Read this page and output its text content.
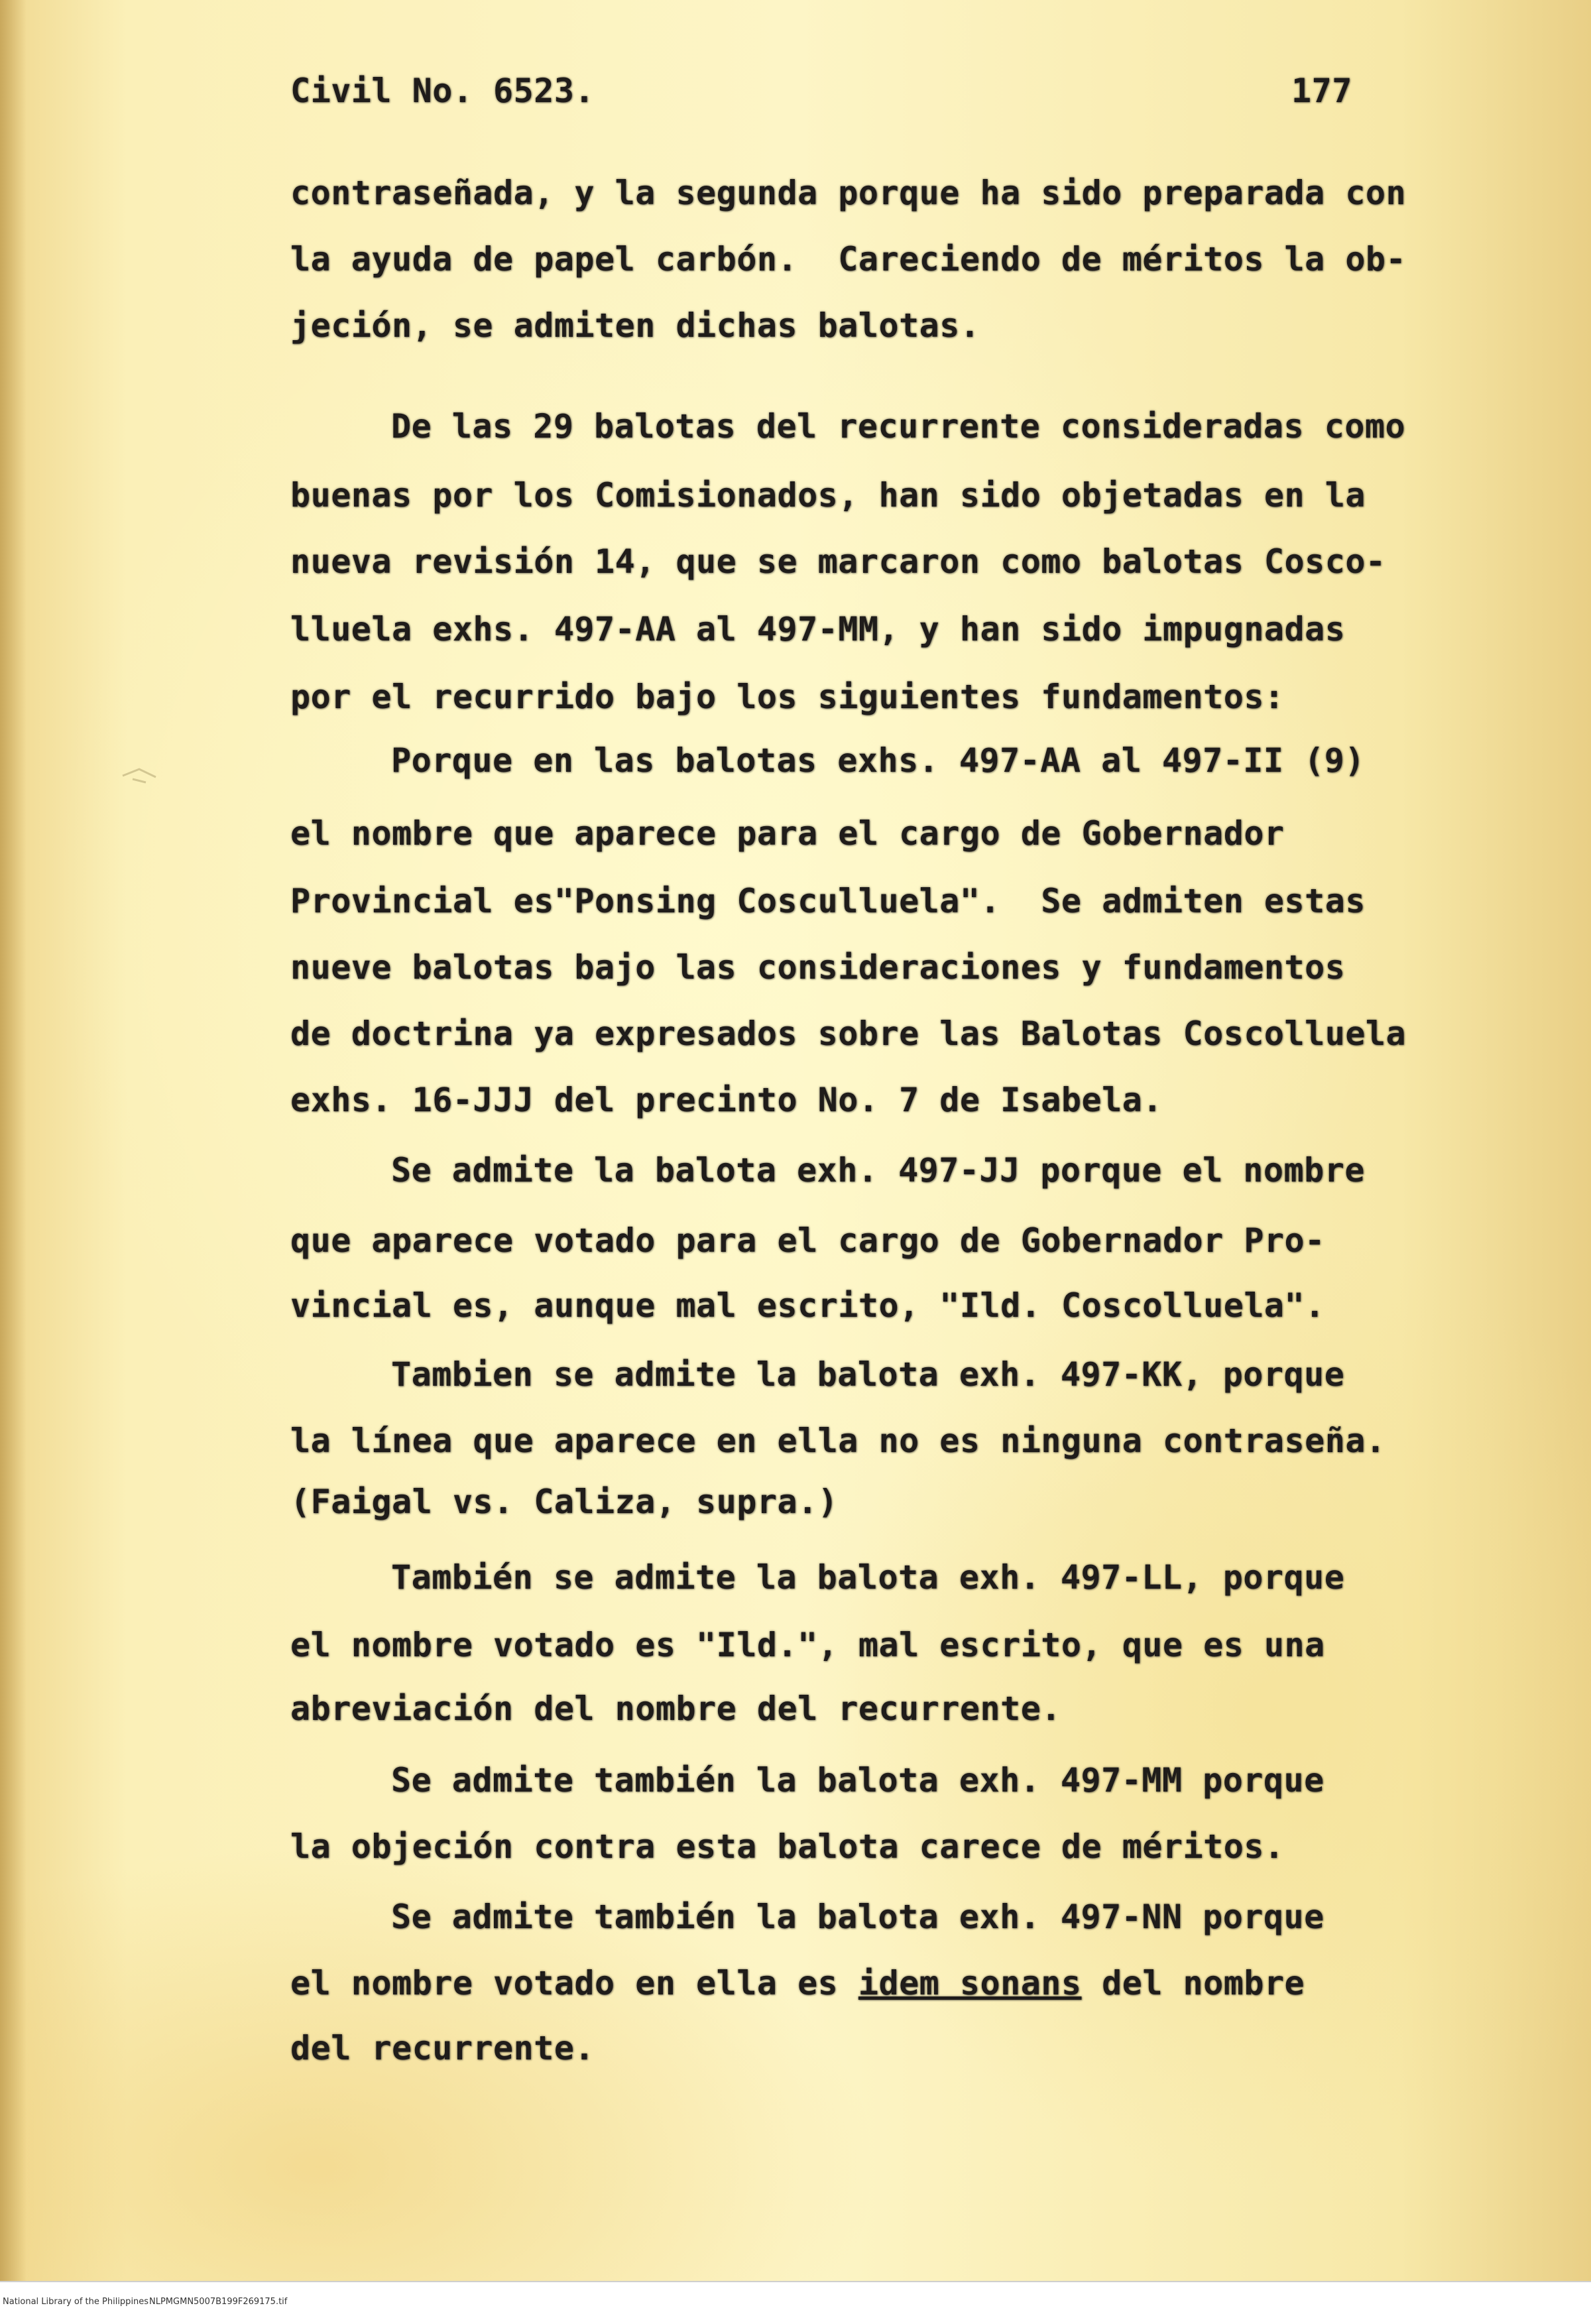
Civil No. 6523.	177
contraseñada, y la segunda porque ha sido preparada con
la ayuda de papel carbón.  Careciendo de méritos la ob-
jeción, se admiten dichas balotas.
De las 29 balotas del recurrente consideradas como
buenas por los Comisionados, han sido objetadas en la
nueva revisión 14, que se marcaron como balotas Cosco-
lluela exhs. 497-AA al 497-MM, y han sido impugnadas
por el recurrido bajo los siguientes fundamentos:
Porque en las balotas exhs. 497-AA al 497-II (9)
el nombre que aparece para el cargo de Gobernador
Provincial es"Ponsing Cosculluela".  Se admiten estas
nueve balotas bajo las consideraciones y fundamentos
de doctrina ya expresados sobre las Balotas Coscolluela
exhs. 16-JJJ del precinto No. 7 de Isabela.
Se admite la balota exh. 497-JJ porque el nombre
que aparece votado para el cargo de Gobernador Pro-
vincial es, aunque mal escrito, "Ild. Coscolluela".
Tambien se admite la balota exh. 497-KK, porque
la línea que aparece en ella no es ninguna contraseña.
(Faigal vs. Caliza, supra.)
También se admite la balota exh. 497-LL, porque
el nombre votado es "Ild.", mal escrito, que es una
abreviación del nombre del recurrente.
Se admite también la balota exh. 497-MM porque
la objeción contra esta balota carece de méritos.
Se admite también la balota exh. 497-NN porque
el nombre votado en ella es idem sonans del nombre
del recurrente.
National Library of the Philippines NLPMGMN5007B199F269175.tif
